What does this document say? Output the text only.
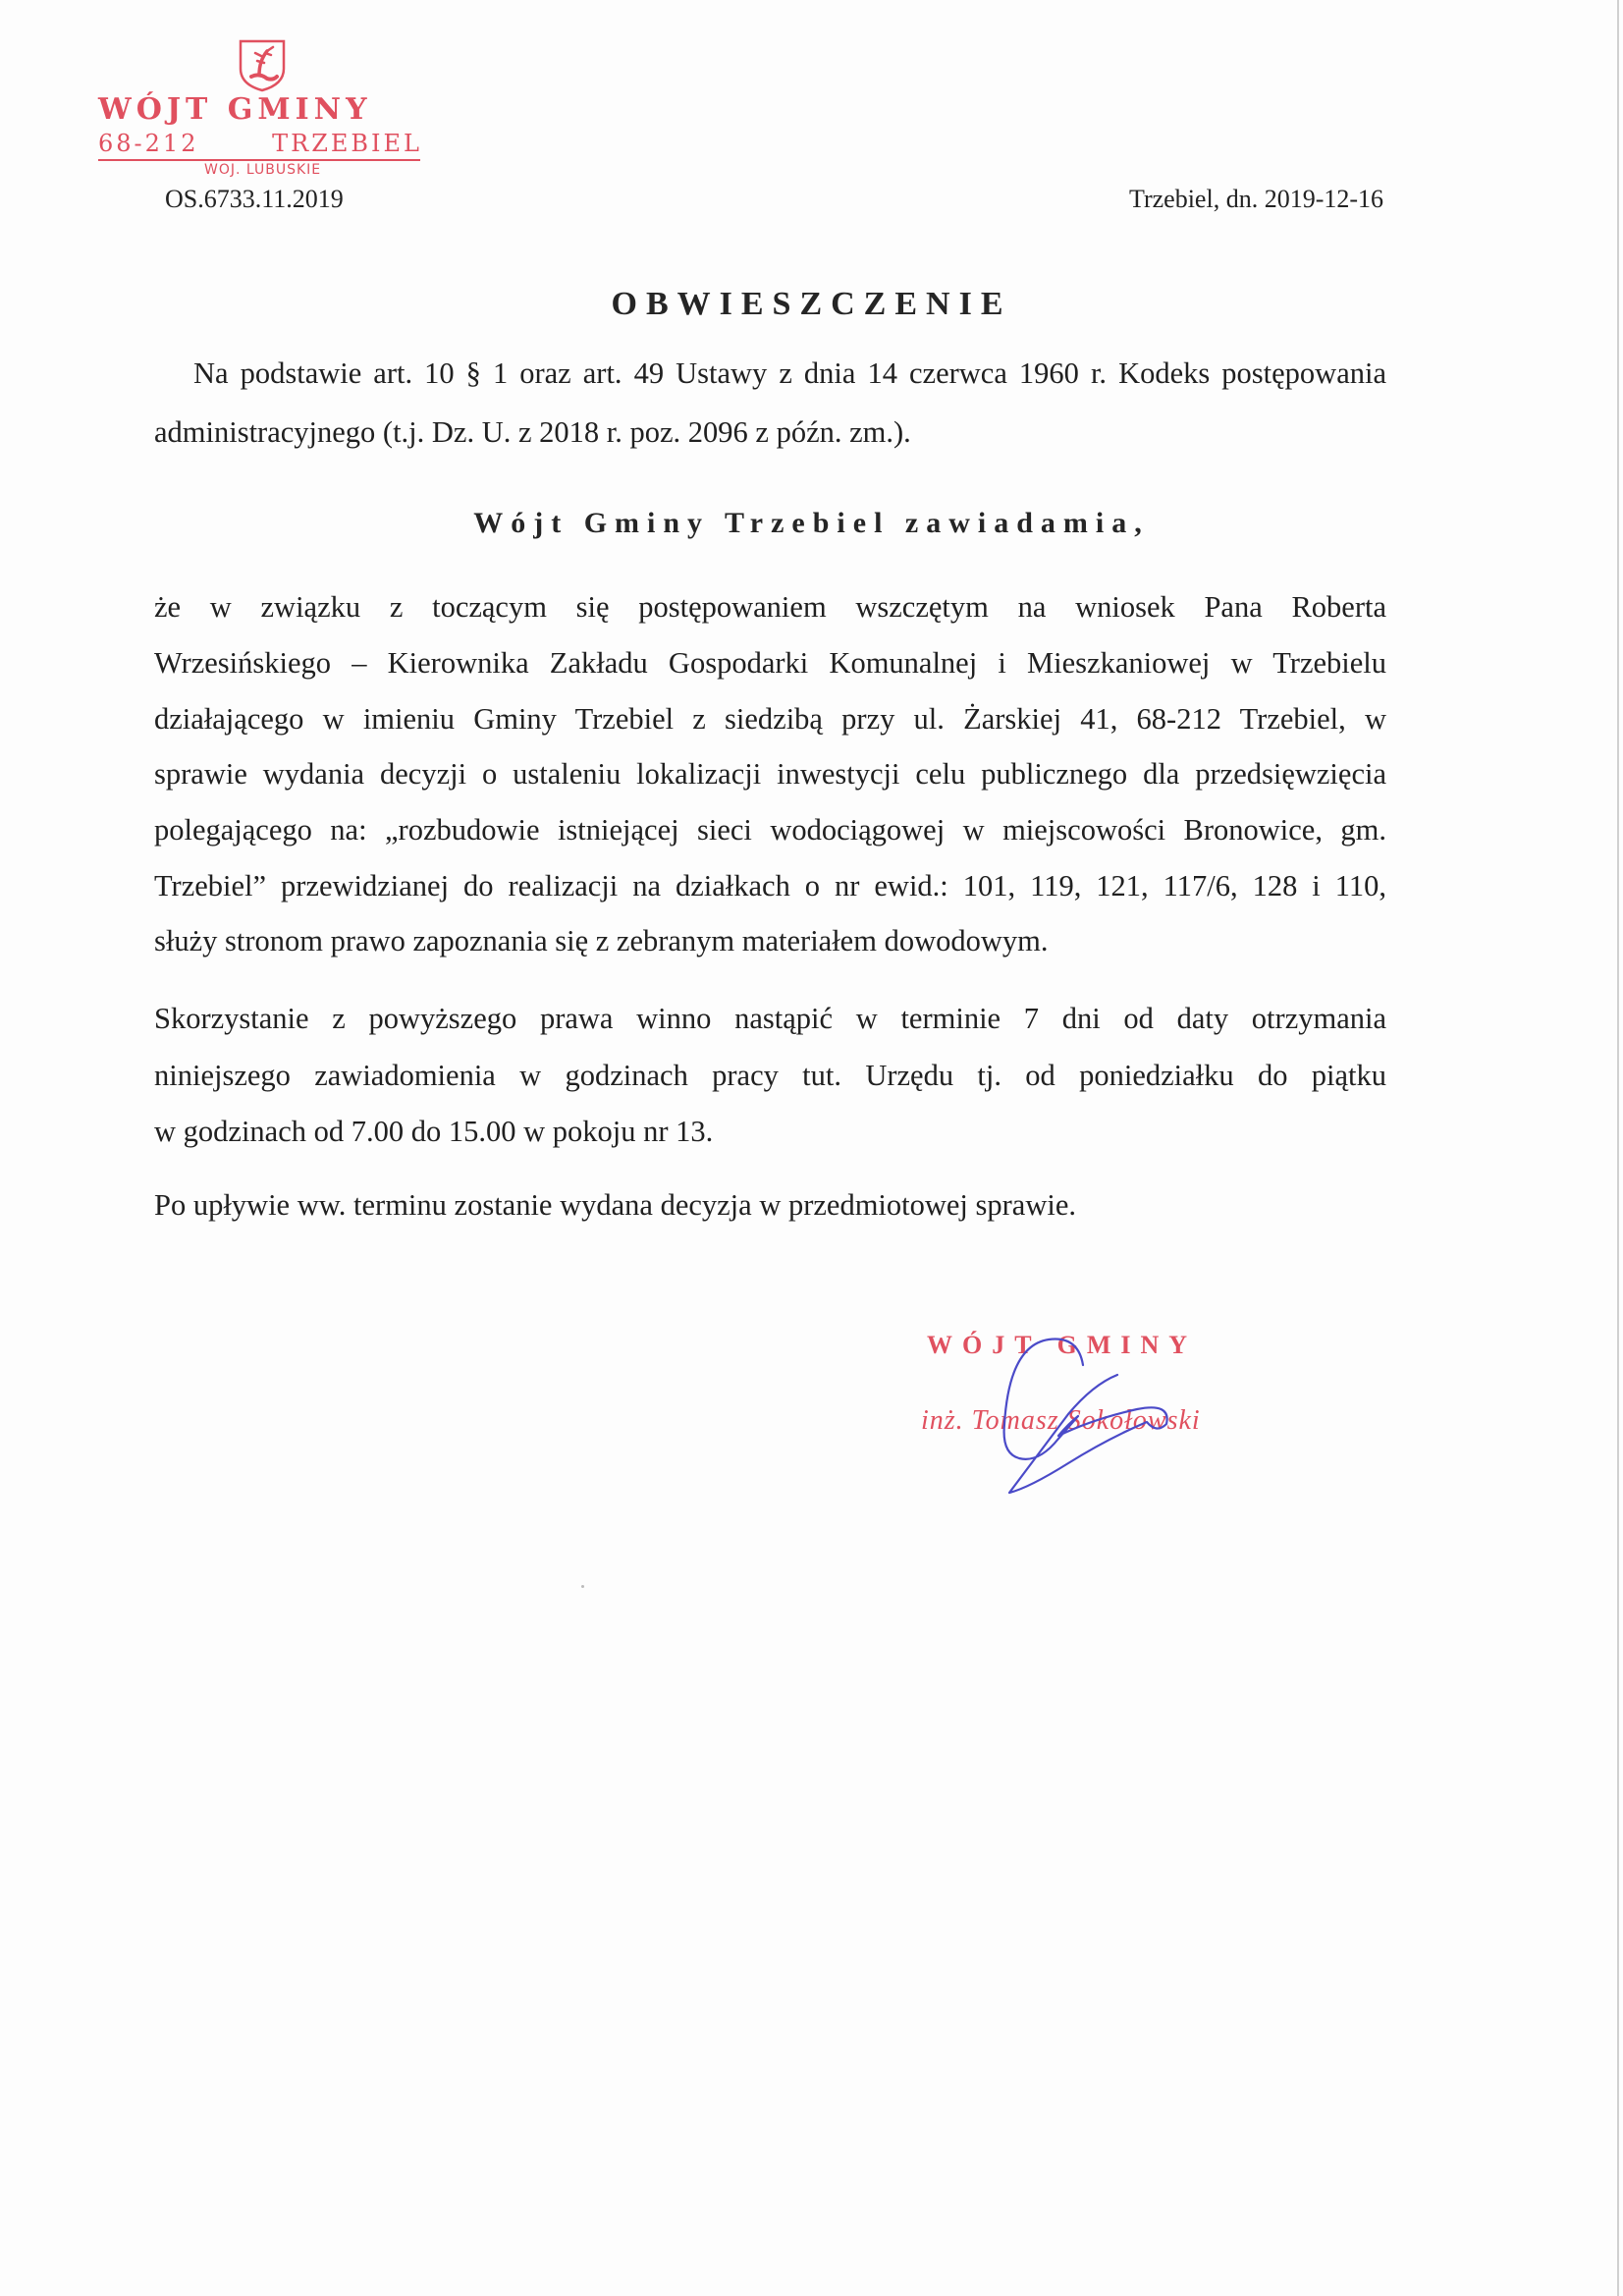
WÓJT GMINY
68-212	TRZEBIEL
WOJ. LUBUSKIE
OS.6733.11.2019	Trzebiel, dn. 2019-12-16
OBWIESZCZENIE
Na podstawie art. 10 § 1 oraz art. 49 Ustawy z dnia 14 czerwca 1960 r. Kodeks postępowania
administracyjnego (t.j. Dz. U. z 2018 r. poz. 2096 z późn. zm.).
Wójt Gminy Trzebiel zawiadamia,
że w związku z toczącym się postępowaniem wszczętym na wniosek Pana Roberta
Wrzesińskiego – Kierownika Zakładu Gospodarki Komunalnej i Mieszkaniowej w Trzebielu
działającego w imieniu Gminy Trzebiel z siedzibą przy ul. Żarskiej 41, 68-212 Trzebiel, w
sprawie wydania decyzji o ustaleniu lokalizacji inwestycji celu publicznego dla przedsięwzięcia
polegającego na: „rozbudowie istniejącej sieci wodociągowej w miejscowości Bronowice, gm.
Trzebiel” przewidzianej do realizacji na działkach o nr ewid.: 101, 119, 121, 117/6, 128 i 110,
służy stronom prawo zapoznania się z zebranym materiałem dowodowym.
Skorzystanie z powyższego prawa winno nastąpić w terminie 7 dni od daty otrzymania
niniejszego zawiadomienia w godzinach pracy tut. Urzędu tj. od poniedziałku do piątku
w godzinach od 7.00 do 15.00 w pokoju nr 13.
Po upływie ww. terminu zostanie wydana decyzja w przedmiotowej sprawie.
WÓJT GMINY
inż. Tomasz Sokołowski
